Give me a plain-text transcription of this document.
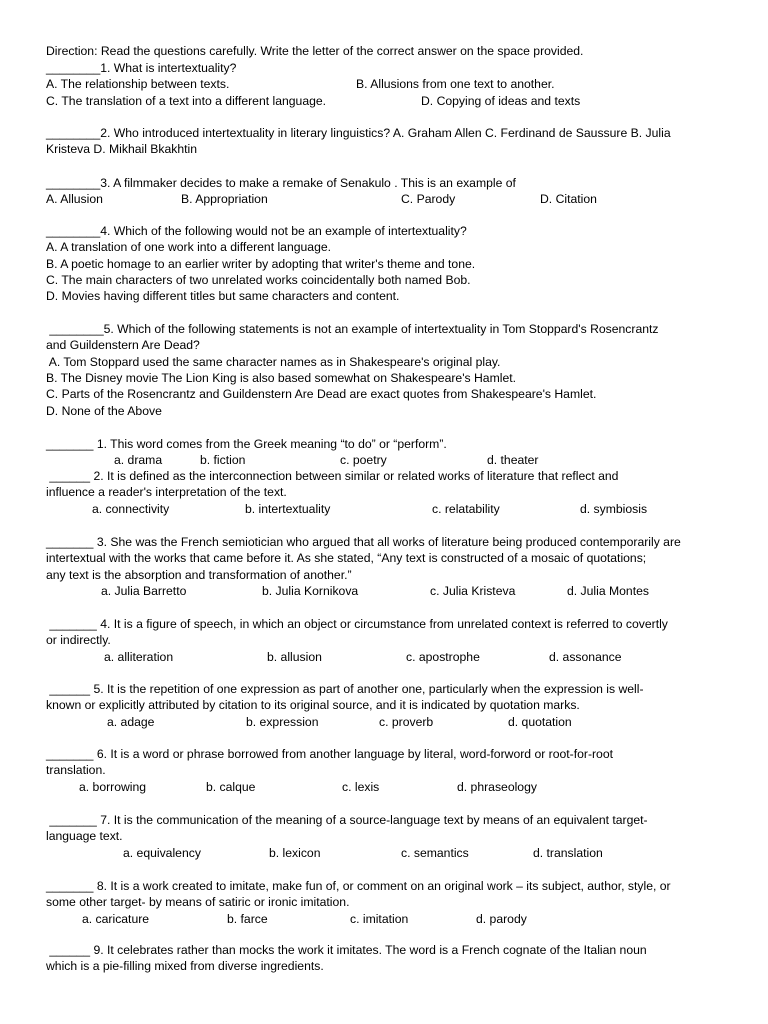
Direction: Read the questions carefully. Write the letter of the correct answer on the space provided.
________1. What is intertextuality?
A. The relationship between texts.	B. Allusions from one text to another.
C. The translation of a text into a different language.	D. Copying of ideas and texts
________2. Who introduced intertextuality in literary linguistics? A. Graham Allen C. Ferdinand de Saussure B. Julia
Kristeva D. Mikhail Bkakhtin
________3. A filmmaker decides to make a remake of Senakulo . This is an example of
A. Allusion	B. Appropriation	C. Parody	D. Citation
________4. Which of the following would not be an example of intertextuality?
A. A translation of one work into a different language.
B. A poetic homage to an earlier writer by adopting that writer's theme and tone.
C. The main characters of two unrelated works coincidentally both named Bob.
D. Movies having different titles but same characters and content.
________5. Which of the following statements is not an example of intertextuality in Tom Stoppard's Rosencrantz
and Guildenstern Are Dead?
A. Tom Stoppard used the same character names as in Shakespeare's original play.
B. The Disney movie The Lion King is also based somewhat on Shakespeare's Hamlet.
C. Parts of the Rosencrantz and Guildenstern Are Dead are exact quotes from Shakespeare's Hamlet.
D. None of the Above
_______ 1. This word comes from the Greek meaning “to do” or “perform”.
a. drama	b. fiction	c. poetry	d. theater
______ 2. It is defined as the interconnection between similar or related works of literature that reflect and
influence a reader's interpretation of the text.
a. connectivity	b. intertextuality	c. relatability	d. symbiosis
_______ 3. She was the French semiotician who argued that all works of literature being produced contemporarily are
intertextual with the works that came before it. As she stated, “Any text is constructed of a mosaic of quotations;
any text is the absorption and transformation of another.”
a. Julia Barretto	b. Julia Kornikova	c. Julia Kristeva	d. Julia Montes
_______ 4. It is a figure of speech, in which an object or circumstance from unrelated context is referred to covertly
or indirectly.
a. alliteration	b. allusion	c. apostrophe	d. assonance
______ 5. It is the repetition of one expression as part of another one, particularly when the expression is well-
known or explicitly attributed by citation to its original source, and it is indicated by quotation marks.
a. adage	b. expression	c. proverb	d. quotation
_______ 6. It is a word or phrase borrowed from another language by literal, word-forword or root-for-root
translation.
a. borrowing	b. calque	c. lexis	d. phraseology
_______ 7. It is the communication of the meaning of a source-language text by means of an equivalent target-
language text.
a. equivalency	b. lexicon	c. semantics	d. translation
_______ 8. It is a work created to imitate, make fun of, or comment on an original work – its subject, author, style, or
some other target- by means of satiric or ironic imitation.
a. caricature	b. farce	c. imitation	d. parody
______ 9. It celebrates rather than mocks the work it imitates. The word is a French cognate of the Italian noun
which is a pie-filling mixed from diverse ingredients.
